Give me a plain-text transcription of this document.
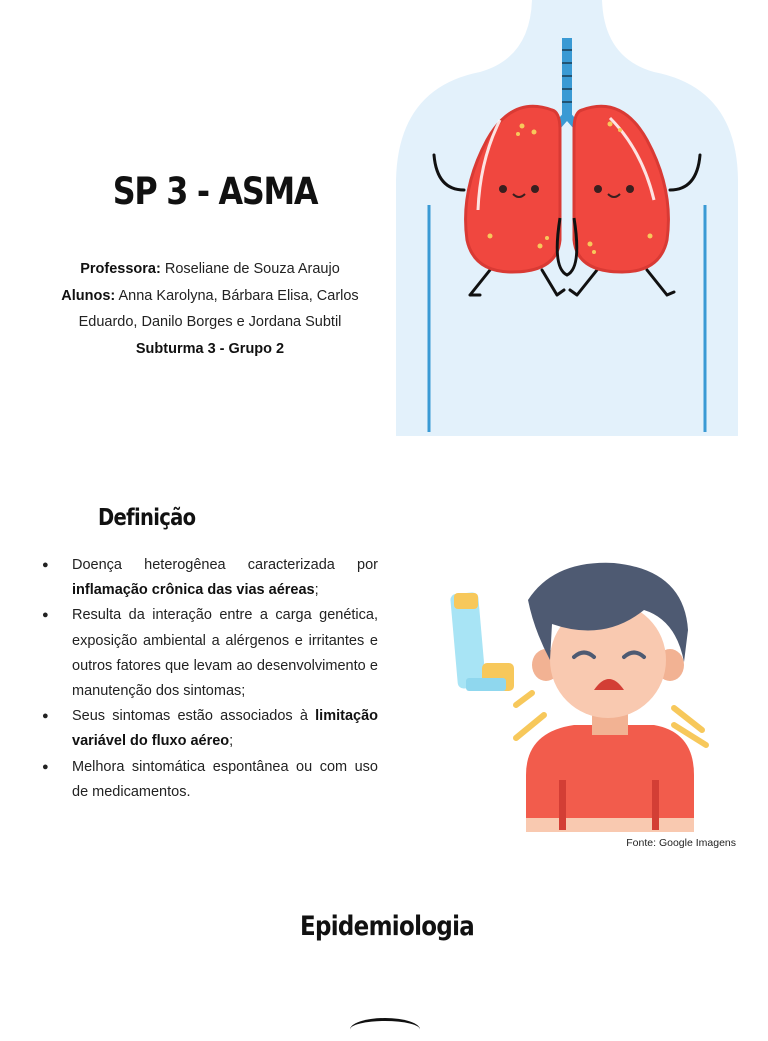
SP 3 - ASMA
Professora: Roseliane de Souza Araujo
Alunos: Anna Karolyna, Bárbara Elisa, Carlos
Eduardo, Danilo Borges e Jordana Subtil
Subturma 3 - Grupo 2
Definição
● Doença heterogênea caracterizada por inflamação crônica das vias aéreas;
● Resulta da interação entre a carga genética, exposição ambiental a alérgenos e irritantes e outros fatores que levam ao desenvolvimento e manutenção dos sintomas;
● Seus sintomas estão associados à limitação variável do fluxo aéreo;
● Melhora sintomática espontânea ou com uso de medicamentos.
Fonte: Google Imagens
Epidemiologia
